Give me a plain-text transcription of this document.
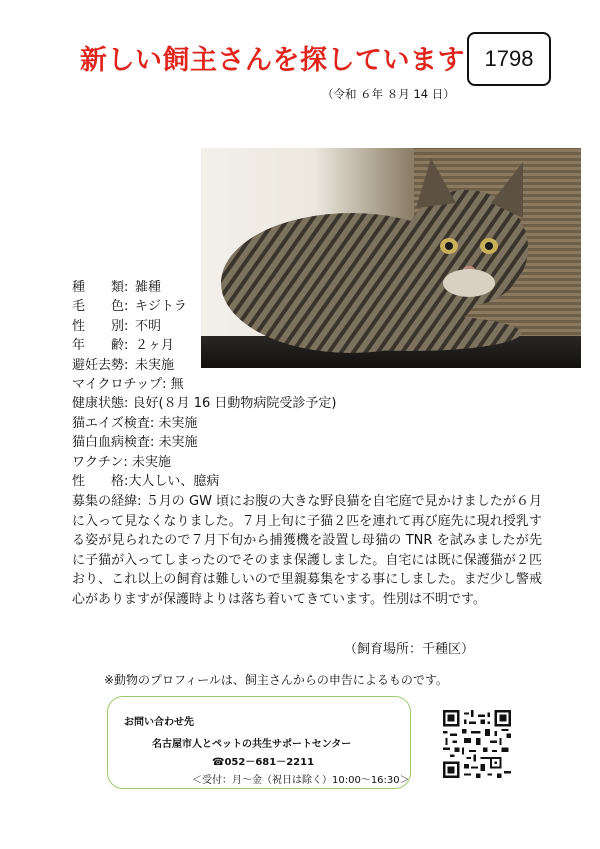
新しい飼主さんを探しています 1798
（令和 ６年 ８月 14 日）
種　　類: 雑種
毛　　色: キジトラ
性　　別: 不明
年　　齢: ２ヶ月
避妊去勢: 未実施
マイクロチップ: 無
健康状態: 良好(８月 16 日動物病院受診予定)
猫エイズ検査: 未実施
猫白血病検査: 未実施
ワクチン: 未実施
性　　格:大人しい、臆病
募集の経緯: ５月の GW 頃にお腹の大きな野良猫を自宅庭で見かけましたが６月に入って見なくなりました。７月上旬に子猫２匹を連れて再び庭先に現れ授乳する姿が見られたので７月下旬から捕獲機を設置し母猫の TNR を試みましたが先に子猫が入ってしまったのでそのまま保護しました。自宅には既に保護猫が２匹おり、これ以上の飼育は難しいので里親募集をする事にしました。まだ少し警戒心がありますが保護時よりは落ち着いてきています。性別は不明です。
（飼育場所：千種区）
※動物のプロフィールは、飼主さんからの申告によるものです。
お問い合わせ先
名古屋市人とペットの共生サポートセンター
☎052－681－2211
＜受付：月～金（祝日は除く）10:00～16:30＞
